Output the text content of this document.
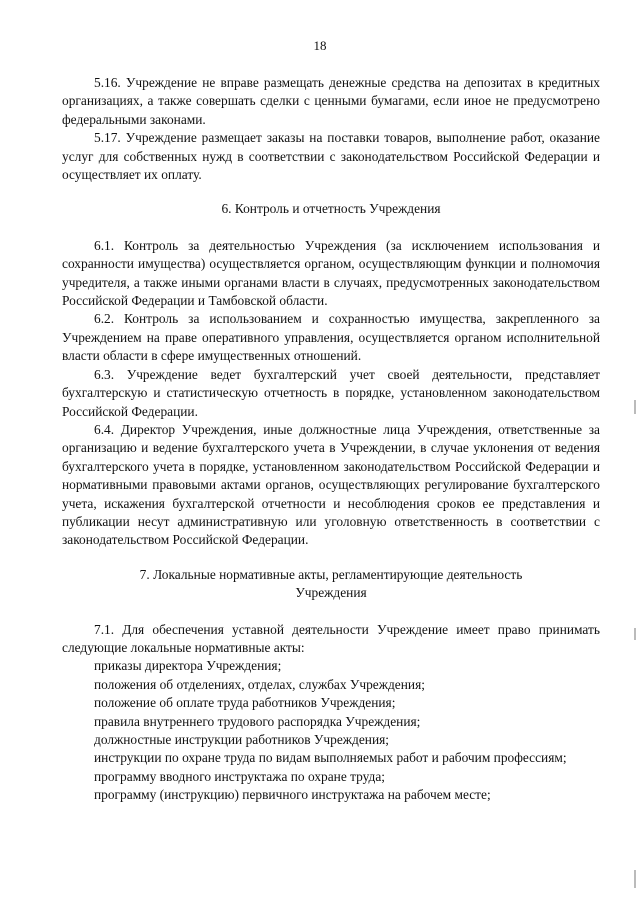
18

5.16. Учреждение не вправе размещать денежные средства на депозитах в кредитных организациях, а также совершать сделки с ценными бумагами, если иное не предусмотрено федеральными законами.

5.17. Учреждение размещает заказы на поставки товаров, выполнение работ, оказание услуг для собственных нужд в соответствии с законодательством Российской Федерации и осуществляет их оплату.

6. Контроль и отчетность Учреждения

6.1. Контроль за деятельностью Учреждения (за исключением использования и сохранности имущества) осуществляется органом, осуществляющим функции и полномочия учредителя, а также иными органами власти в случаях, предусмотренных законодательством Российской Федерации и Тамбовской области.

6.2. Контроль за использованием и сохранностью имущества, закрепленного за Учреждением на праве оперативного управления, осуществляется органом исполнительной власти области в сфере имущественных отношений.

6.3. Учреждение ведет бухгалтерский учет своей деятельности, представляет бухгалтерскую и статистическую отчетность в порядке, установленном законодательством Российской Федерации.

6.4. Директор Учреждения, иные должностные лица Учреждения, ответственные за организацию и ведение бухгалтерского учета в Учреждении, в случае уклонения от ведения бухгалтерского учета в порядке, установленном законодательством Российской Федерации и нормативными правовыми актами органов, осуществляющих регулирование бухгалтерского учета, искажения бухгалтерской отчетности и несоблюдения сроков ее представления и публикации несут административную или уголовную ответственность в соответствии с законодательством Российской Федерации.

7. Локальные нормативные акты, регламентирующие деятельность

Учреждения

7.1. Для обеспечения уставной деятельности Учреждение имеет право принимать следующие локальные нормативные акты:

приказы директора Учреждения;

положения об отделениях, отделах, службах Учреждения;

положение об оплате труда работников Учреждения;

правила внутреннего трудового распорядка Учреждения;

должностные инструкции работников Учреждения;

инструкции по охране труда по видам выполняемых работ и рабочим профессиям;

программу вводного инструктажа по охране труда;

программу (инструкцию) первичного инструктажа на рабочем месте;
